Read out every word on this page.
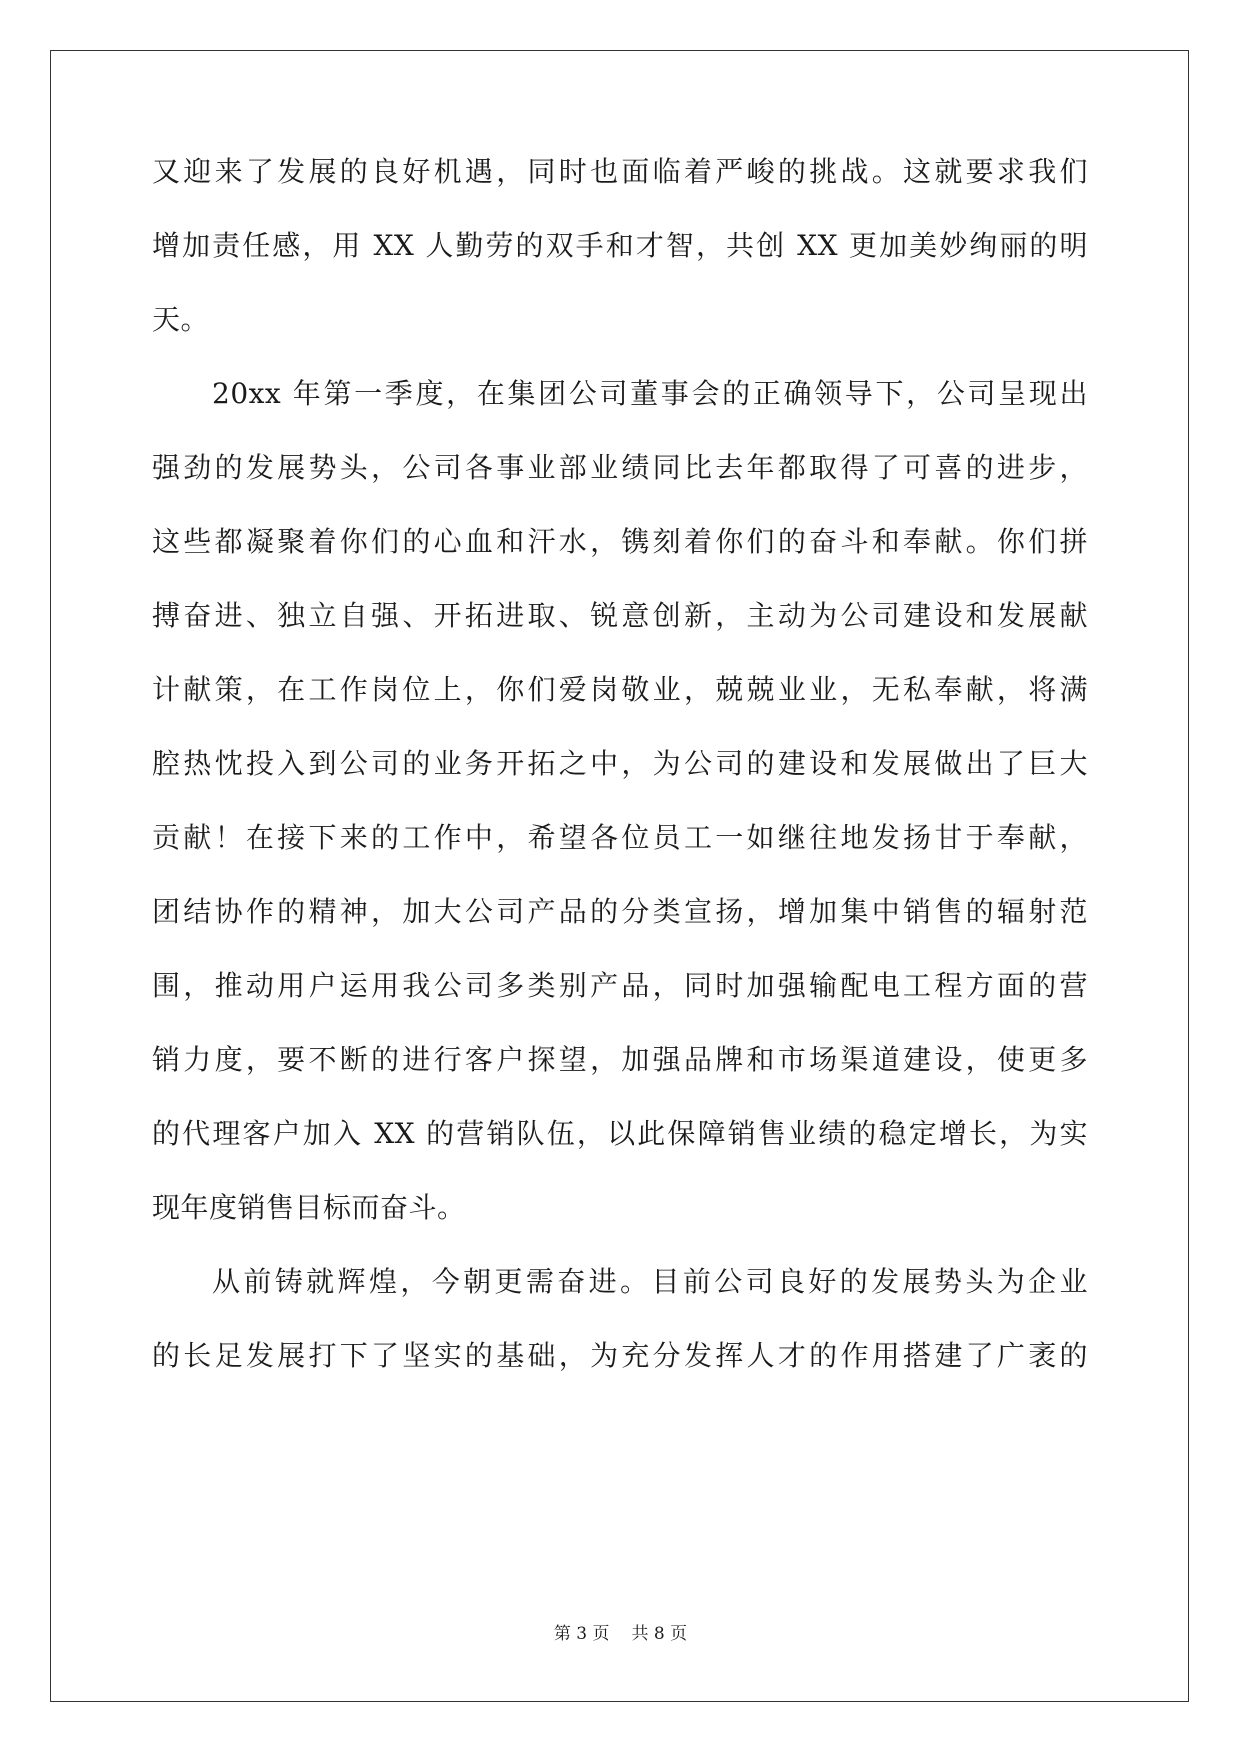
又迎来了发展的良好机遇，同时也面临着严峻的挑战。这就要求我们
增加责任感，用 XX 人勤劳的双手和才智，共创 XX 更加美妙绚丽的明
天。
20xx 年第一季度，在集团公司董事会的正确领导下，公司呈现出
强劲的发展势头，公司各事业部业绩同比去年都取得了可喜的进步，
这些都凝聚着你们的心血和汗水，镌刻着你们的奋斗和奉献。你们拼
搏奋进、独立自强、开拓进取、锐意创新，主动为公司建设和发展献
计献策，在工作岗位上，你们爱岗敬业，兢兢业业，无私奉献，将满
腔热忱投入到公司的业务开拓之中，为公司的建设和发展做出了巨大
贡献！在接下来的工作中，希望各位员工一如继往地发扬甘于奉献，
团结协作的精神，加大公司产品的分类宣扬，增加集中销售的辐射范
围，推动用户运用我公司多类别产品，同时加强输配电工程方面的营
销力度，要不断的进行客户探望，加强品牌和市场渠道建设，使更多
的代理客户加入 XX 的营销队伍，以此保障销售业绩的稳定增长，为实
现年度销售目标而奋斗。
从前铸就辉煌，今朝更需奋进。目前公司良好的发展势头为企业
的长足发展打下了坚实的基础，为充分发挥人才的作用搭建了广袤的
第 3 页 共 8 页
